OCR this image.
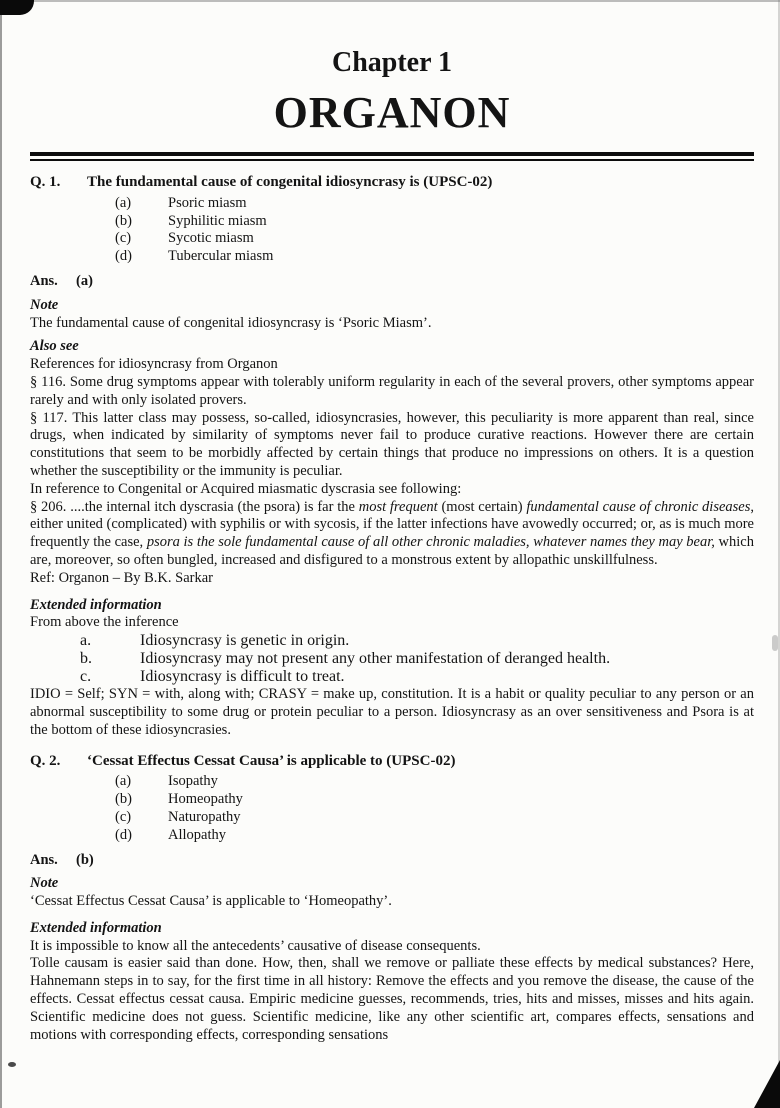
Chapter 1
ORGANON
Q. 1. The fundamental cause of congenital idiosyncrasy is (UPSC-02)
(a)	Psoric miasm
(b)	Syphilitic miasm
(c)	Sycotic miasm
(d)	Tubercular miasm
Ans. (a)
Note

The fundamental cause of congenital idiosyncrasy is ‘Psoric Miasm’.

Also see

References for idiosyncrasy from Organon

§ 116. Some drug symptoms appear with tolerably uniform regularity in each of the several provers, other symptoms appear rarely and with only isolated provers.

§ 117. This latter class may possess, so-called, idiosyncrasies, however, this peculiarity is more apparent than real, since drugs, when indicated by similarity of symptoms never fail to produce curative reactions. However there are certain constitutions that seem to be morbidly affected by certain things that produce no impressions on others. It is a question whether the susceptibility or the immunity is peculiar.

In reference to Congenital or Acquired miasmatic dyscrasia see following:

§ 206. ....the internal itch dyscrasia (the psora) is far the most frequent (most certain) fundamental cause of chronic diseases, either united (complicated) with syphilis or with sycosis, if the latter infections have avowedly occurred; or, as is much more frequently the case, psora is the sole fundamental cause of all other chronic maladies, whatever names they may bear, which are, moreover, so often bungled, increased and disfigured to a monstrous extent by allopathic unskillfulness.

Ref: Organon – By B.K. Sarkar

Extended information

From above the inference

a.	Idiosyncrasy is genetic in origin.
b.	Idiosyncrasy may not present any other manifestation of deranged health.
c.	Idiosyncrasy is difficult to treat.

IDIO = Self; SYN = with, along with; CRASY = make up, constitution. It is a habit or quality peculiar to any person or an abnormal susceptibility to some drug or protein peculiar to a person. Idiosyncrasy as an over sensitiveness and Psora is at the bottom of these idiosyncrasies.

Q. 2. ‘Cessat Effectus Cessat Causa’ is applicable to (UPSC-02)
(a)	Isopathy
(b)	Homeopathy
(c)	Naturopathy
(d)	Allopathy
Ans. (b)
Note

‘Cessat Effectus Cessat Causa’ is applicable to ‘Homeopathy’.

Extended information

It is impossible to know all the antecedents’ causative of disease consequents.

Tolle causam is easier said than done. How, then, shall we remove or palliate these effects by medical substances? Here, Hahnemann steps in to say, for the first time in all history: Remove the effects and you remove the disease, the cause of the effects. Cessat effectus cessat causa. Empiric medicine guesses, recommends, tries, hits and misses, misses and hits again. Scientific medicine does not guess. Scientific medicine, like any other scientific art, compares effects, sensations and motions with corresponding effects, corresponding sensations
